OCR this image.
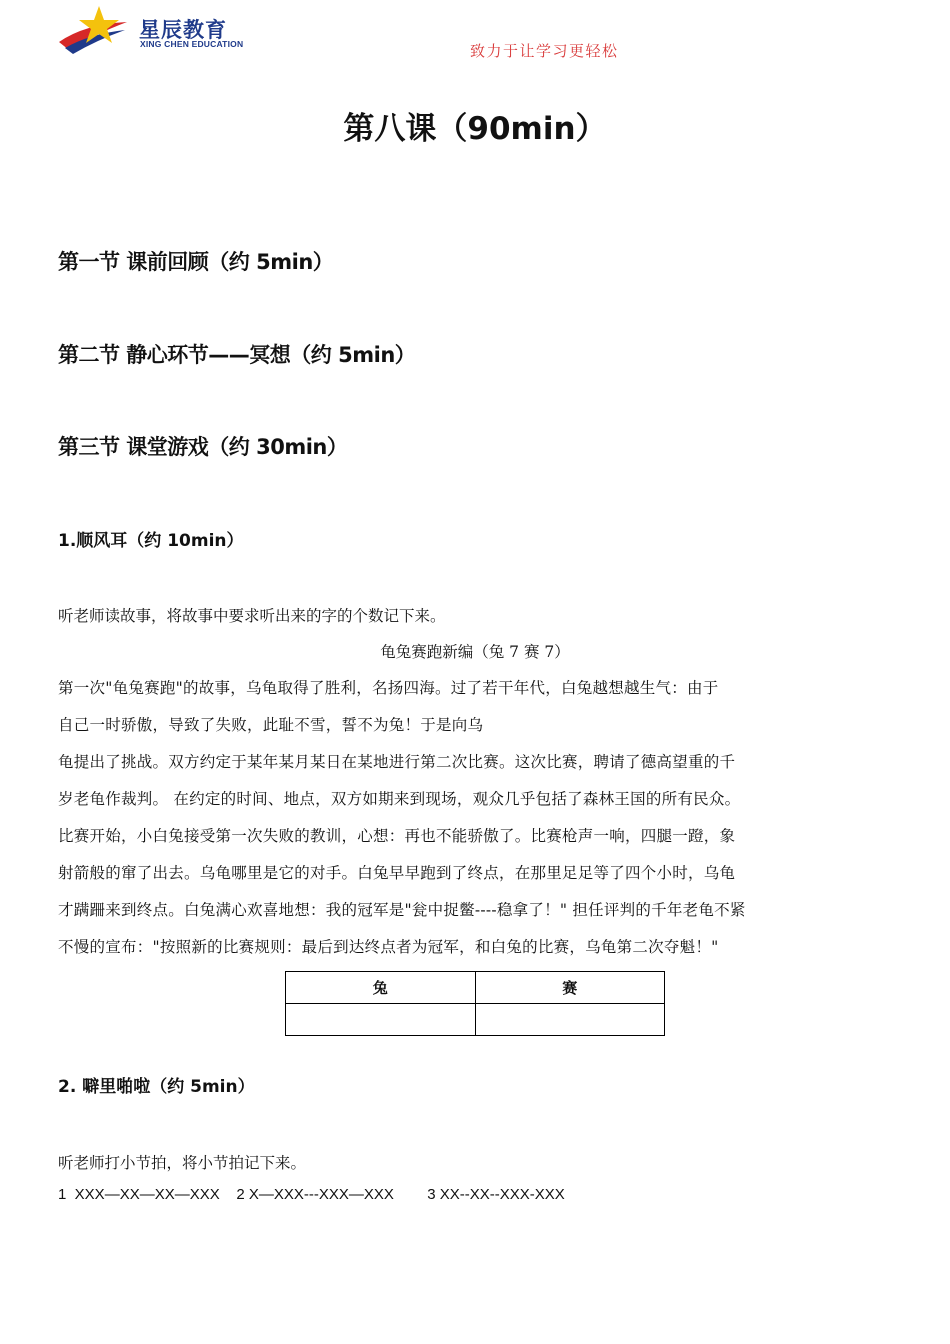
星辰教育
XING CHEN EDUCATION	致力于让学习更轻松
第八课（90min）
第一节 课前回顾（约 5min）
第二节 静心环节——冥想（约 5min）
第三节 课堂游戏（约 30min）
1.顺风耳（约 10min）
听老师读故事，将故事中要求听出来的字的个数记下来。
龟兔赛跑新编（兔 7 赛 7）
第一次"龟兔赛跑"的故事，乌龟取得了胜利，名扬四海。过了若干年代，白兔越想越生气：由于
自己一时骄傲，导致了失败，此耻不雪，誓不为兔！于是向乌
龟提出了挑战。双方约定于某年某月某日在某地进行第二次比赛。这次比赛，聘请了德高望重的千
岁老龟作裁判。 在约定的时间、地点，双方如期来到现场，观众几乎包括了森林王国的所有民众。
比赛开始，小白兔接受第一次失败的教训，心想：再也不能骄傲了。比赛枪声一响，四腿一蹬，象
射箭般的窜了出去。乌龟哪里是它的对手。白兔早早跑到了终点，在那里足足等了四个小时，乌龟
才蹒跚来到终点。白兔满心欢喜地想：我的冠军是"瓮中捉鳖----稳拿了！" 担任评判的千年老龟不紧
不慢的宣布："按照新的比赛规则：最后到达终点者为冠军，和白兔的比赛，乌龟第二次夺魁！"
兔	赛

2. 噼里啪啦（约 5min）
听老师打小节拍，将小节拍记下来。
1  XXX—XX—XX—XXX    2 X—XXX---XXX—XXX        3 XX--XX--XXX-XXX
